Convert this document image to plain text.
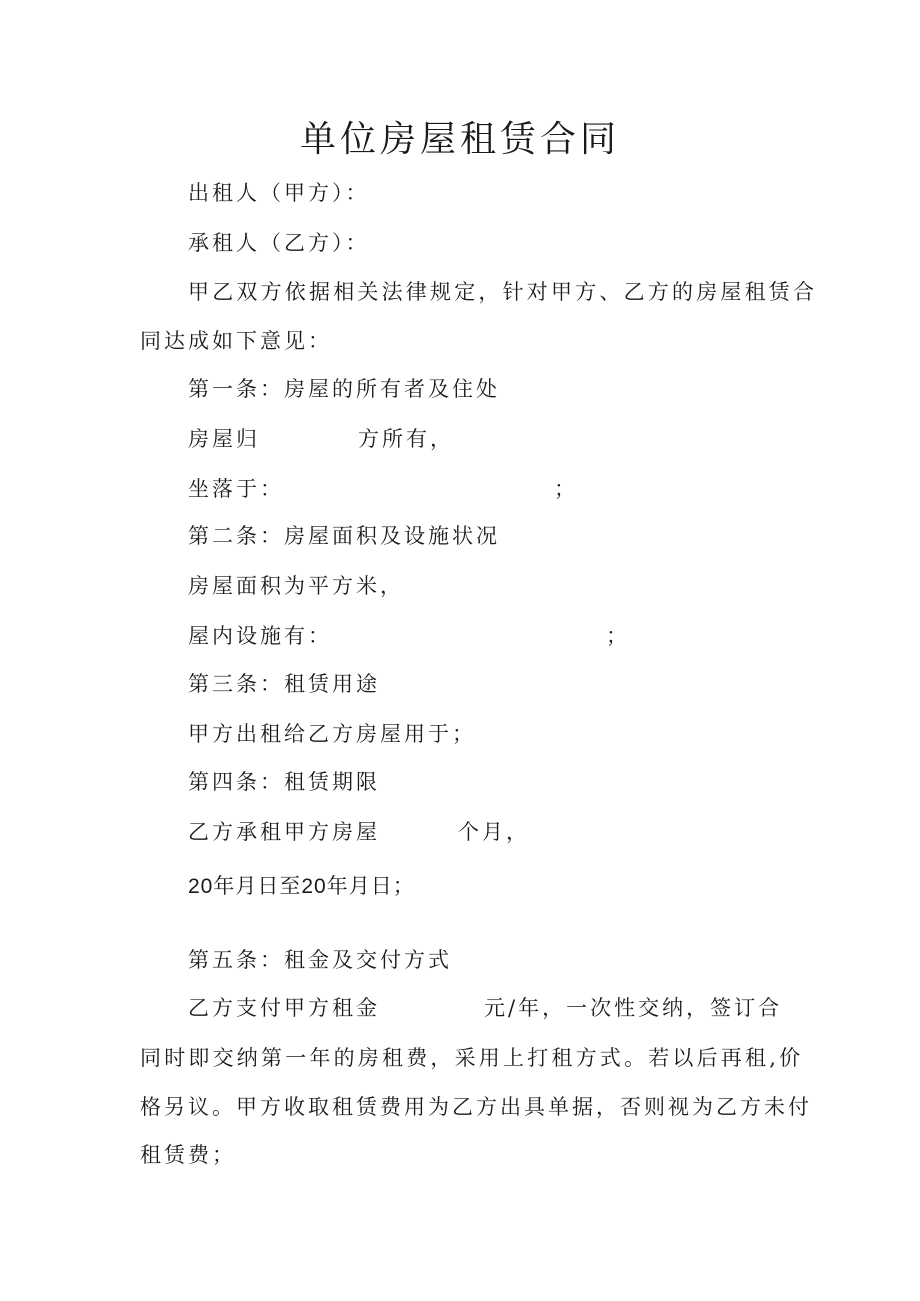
单位房屋租赁合同
出租人（甲方）：
承租人（乙方）：
甲乙双方依据相关法律规定，针对甲方、乙方的房屋租赁合
同达成如下意见：
第一条：房屋的所有者及住处
房屋归	方所有，
坐落于：	；
第二条：房屋面积及设施状况
房屋面积为平方米，
屋内设施有：	；
第三条：租赁用途
甲方出租给乙方房屋用于；
第四条：租赁期限
乙方承租甲方房屋	个月，
20年月日至20年月日；
第五条：租金及交付方式
乙方支付甲方租金	元/年，一次性交纳，签订合
同时即交纳第一年的房租费，采用上打租方式。若以后再租,价
格另议。甲方收取租赁费用为乙方出具单据，否则视为乙方未付
租赁费；
